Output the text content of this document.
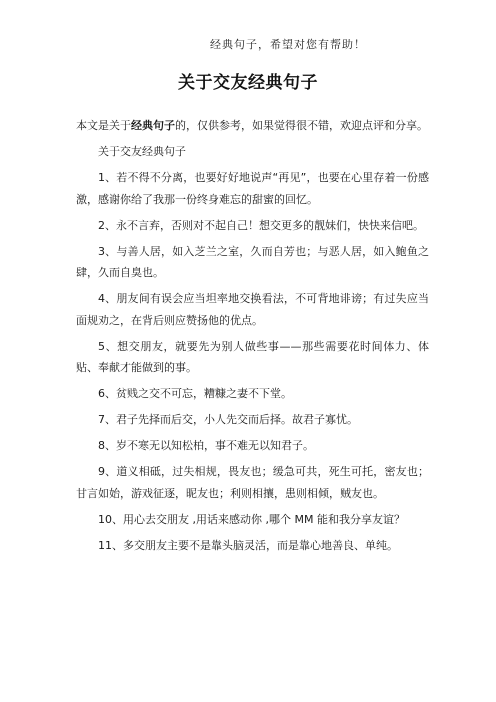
经典句子，希望对您有帮助！
关于交友经典句子

本文是关于经典句子的，仅供参考，如果觉得很不错，欢迎点评和分享。

关于交友经典句子

1、若不得不分离，也要好好地说声“再见”，也要在心里存着一份感激，感谢你给了我那一份终身难忘的甜蜜的回忆。

2、永不言弃，否则对不起自己！想交更多的靓妹们，快快来信吧。

3、与善人居，如入芝兰之室，久而自芳也；与恶人居，如入鲍鱼之肆，久而自臭也。

4、朋友间有误会应当坦率地交换看法，不可背地诽谤；有过失应当面规劝之，在背后则应赞扬他的优点。

5、想交朋友，就要先为别人做些事——那些需要花时间体力、体贴、奉献才能做到的事。

6、贫贱之交不可忘，糟糠之妻不下堂。

7、君子先择而后交，小人先交而后择。故君子寡忧。

8、岁不寒无以知松柏，事不难无以知君子。

9、道义相砥，过失相规，畏友也；缓急可共，死生可托，密友也；甘言如始，游戏征逐，昵友也；利则相攘，患则相倾，贼友也。

10、用心去交朋友 ,用话来感动你 ,哪个 MM 能和我分享友谊？

11、多交朋友主要不是靠头脑灵活，而是靠心地善良、单纯。
